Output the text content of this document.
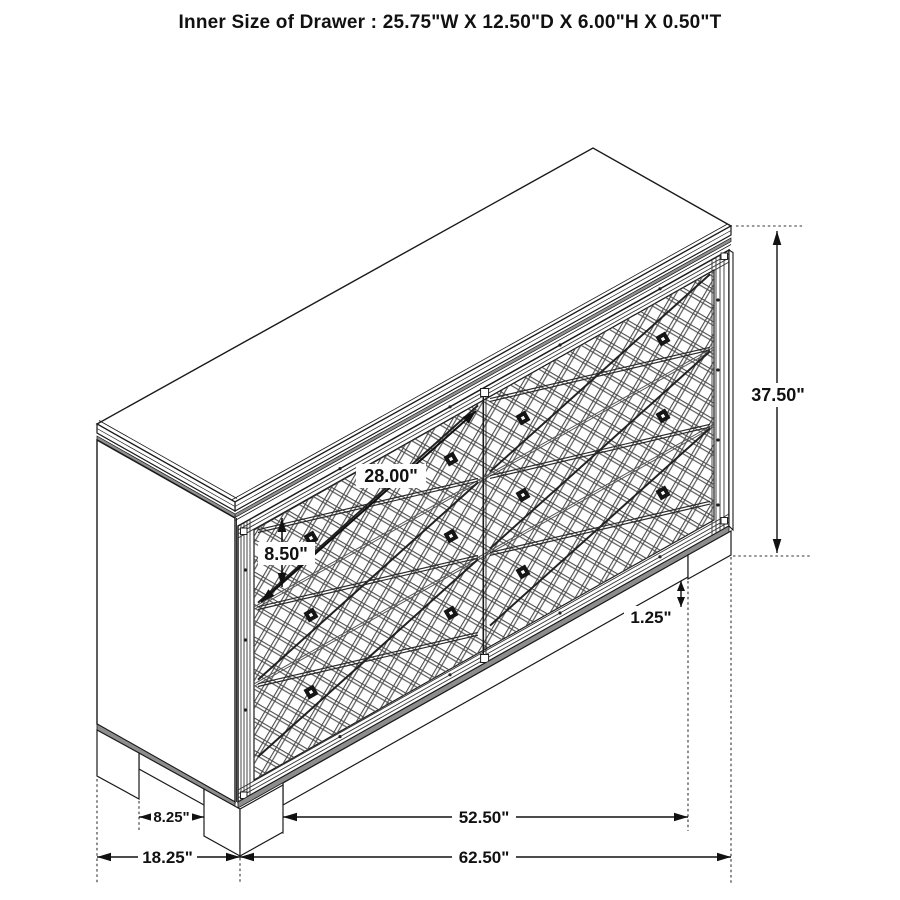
Inner Size of Drawer : 25.75"W X 12.50"D X 6.00"H X 0.50"T
37.50"
28.00"
8.50"
1.25"
8.25"	52.50"
18.25"	62.50"
